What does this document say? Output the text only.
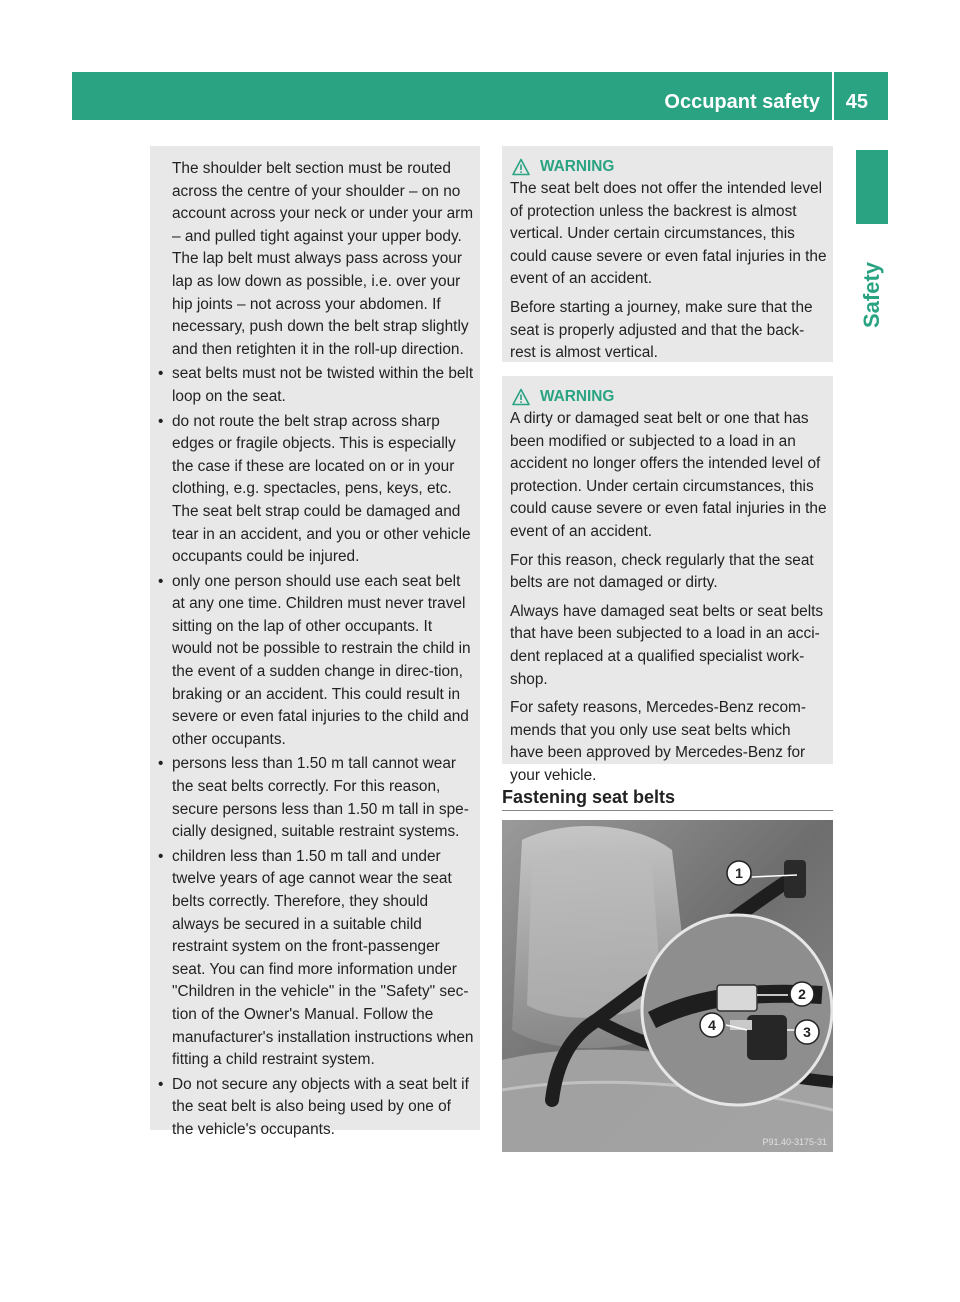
Occupant safety 45
Safety
The shoulder belt section must be routed across the centre of your shoulder – on no account across your neck or under your arm – and pulled tight against your upper body. The lap belt must always pass across your lap as low down as possible, i.e. over your hip joints – not across your abdomen. If necessary, push down the belt strap slightly and then retighten it in the roll-up direction.
• seat belts must not be twisted within the belt loop on the seat.
• do not route the belt strap across sharp edges or fragile objects. This is especially the case if these are located on or in your clothing, e.g. spectacles, pens, keys, etc. The seat belt strap could be damaged and tear in an accident, and you or other vehicle occupants could be injured.
• only one person should use each seat belt at any one time. Children must never travel sitting on the lap of other occupants. It would not be possible to restrain the child in the event of a sudden change in direc-tion, braking or an accident. This could result in severe or even fatal injuries to the child and other occupants.
• persons less than 1.50 m tall cannot wear the seat belts correctly. For this reason, secure persons less than 1.50 m tall in spe-cially designed, suitable restraint systems.
• children less than 1.50 m tall and under twelve years of age cannot wear the seat belts correctly. Therefore, they should always be secured in a suitable child restraint system on the front-passenger seat. You can find more information under "Children in the vehicle" in the "Safety" sec-tion of the Owner's Manual. Follow the manufacturer's installation instructions when fitting a child restraint system.
• Do not secure any objects with a seat belt if the seat belt is also being used by one of the vehicle's occupants.
WARNING

The seat belt does not offer the intended level of protection unless the backrest is almost vertical. Under certain circumstances, this could cause severe or even fatal injuries in the event of an accident.

Before starting a journey, make sure that the seat is properly adjusted and that the back-rest is almost vertical.

WARNING

A dirty or damaged seat belt or one that has been modified or subjected to a load in an accident no longer offers the intended level of protection. Under certain circumstances, this could cause severe or even fatal injuries in the event of an accident.

For this reason, check regularly that the seat belts are not damaged or dirty.

Always have damaged seat belts or seat belts that have been subjected to a load in an acci-dent replaced at a qualified specialist work-shop.

For safety reasons, Mercedes-Benz recom-mends that you only use seat belts which have been approved by Mercedes-Benz for your vehicle.

Fastening seat belts
1
2
3
4
P91.40-3175-31
